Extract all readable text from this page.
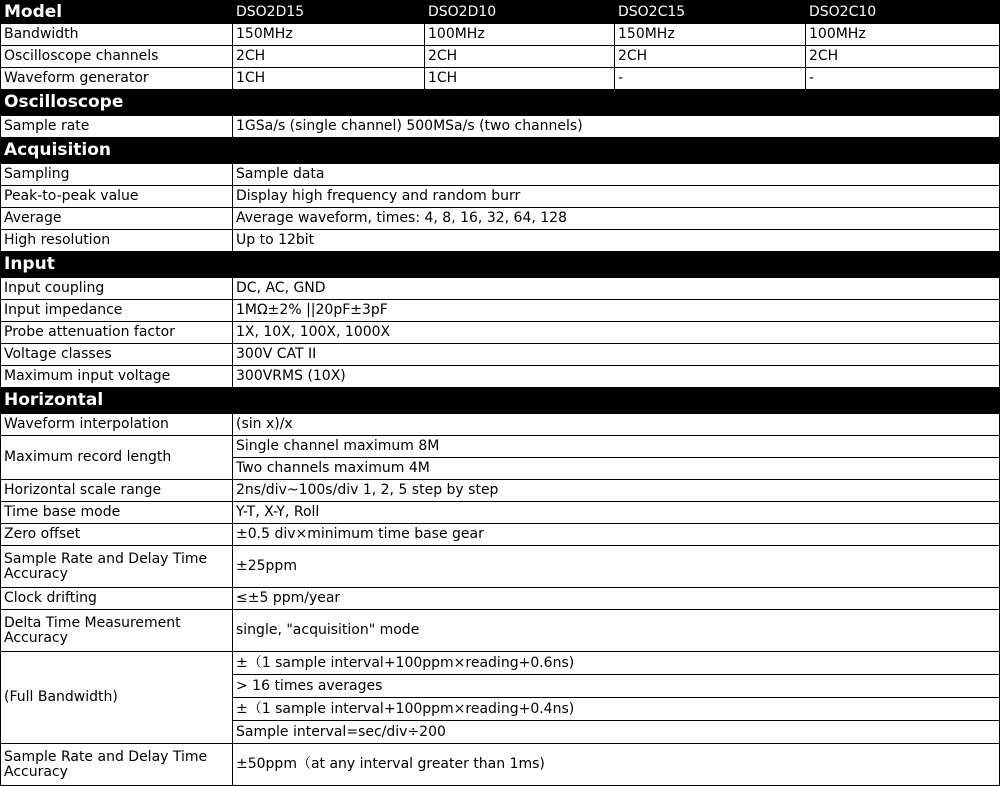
Model	DSO2D15	DSO2D10	DSO2C15	DSO2C10
Bandwidth	150MHz	100MHz	150MHz	100MHz
Oscilloscope channels	2CH	2CH	2CH	2CH
Waveform generator	1CH	1CH	-	-
Oscilloscope				
Sample rate	1GSa/s (single channel) 500MSa/s (two channels)			
Acquisition				
Sampling	Sample data			
Peak-to-peak value	Display high frequency and random burr			
Average	Average waveform, times: 4, 8, 16, 32, 64, 128			
High resolution	Up to 12bit			
Input				
Input coupling	DC, AC, GND			
Input impedance	1MΩ±2% ||20pF±3pF			
Probe attenuation factor	1X, 10X, 100X, 1000X			
Voltage classes	300V CAT II			
Maximum input voltage	300VRMS (10X)			
Horizontal				
Waveform interpolation	(sin x)/x			
Maximum record length	Single channel maximum 8M			
	Two channels maximum 4M			
Horizontal scale range	2ns/div~100s/div 1, 2, 5 step by step			
Time base mode	Y-T, X-Y, Roll			
Zero offset	±0.5 div×minimum time base gear			
Sample Rate and Delay Time Accuracy	±25ppm			
Clock drifting	≤±5 ppm/year			
Delta Time Measurement Accuracy	single, "acquisition" mode			
(Full Bandwidth)	±（1 sample interval+100ppm×reading+0.6ns)			
	> 16 times averages			
	±（1 sample interval+100ppm×reading+0.4ns)			
	Sample interval=sec/div÷200			
Sample Rate and Delay Time Accuracy	±50ppm（at any interval greater than 1ms)			
